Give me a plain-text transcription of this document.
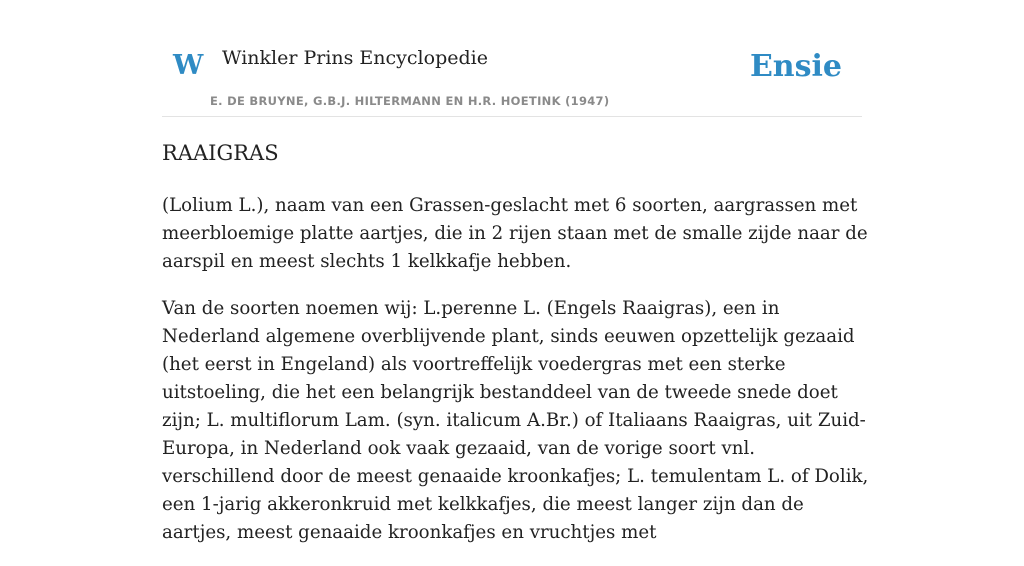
W Winkler Prins Encyclopedie
E. DE BRUYNE, G.B.J. HILTERMANN EN H.R. HOETINK (1947)
Ensie
RAAIGRAS

(Lolium L.), naam van een Grassen-geslacht met 6 soorten, aargrassen met meerbloemige platte aartjes, die in 2 rijen staan met de smalle zijde naar de aarspil en meest slechts 1 kelkkafje hebben.

Van de soorten noemen wij: L.perenne L. (Engels Raaigras), een in Nederland algemene overblijvende plant, sinds eeuwen opzettelijk gezaaid (het eerst in Engeland) als voortreffelijk voedergras met een sterke uitstoeling, die het een belangrijk bestanddeel van de tweede snede doet zijn; L. multiflorum Lam. (syn. italicum A.Br.) of Italiaans Raaigras, uit Zuid-Europa, in Nederland ook vaak gezaaid, van de vorige soort vnl. verschillend door de meest genaaide kroonkafjes; L. temulentam L. of Dolik, een 1-jarig akkeronkruid met kelkkafjes, die meest langer zijn dan de aartjes, meest genaaide kroonkafjes en vruchtjes met
